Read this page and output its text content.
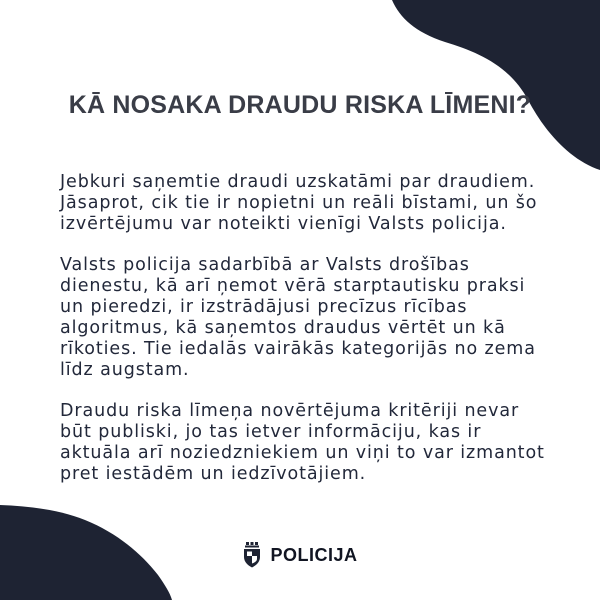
KĀ NOSAKA DRAUDU RISKA LĪMENI?

Jebkuri saņemtie draudi uzskatāmi par draudiem. Jāsaprot, cik tie ir nopietni un reāli bīstami, un šo izvērtējumu var noteikti vienīgi Valsts policija.

Valsts policija sadarbībā ar Valsts drošības dienestu, kā arī ņemot vērā starptautisku praksi un pieredzi, ir izstrādājusi precīzus rīcības algoritmus, kā saņemtos draudus vērtēt un kā rīkoties. Tie iedalās vairākās kategorijās no zema līdz augstam.

Draudu riska līmeņa novērtējuma kritēriji nevar būt publiski, jo tas ietver informāciju, kas ir aktuāla arī noziedzniekiem un viņi to var izmantot pret iestādēm un iedzīvotājiem.

POLICIJA
